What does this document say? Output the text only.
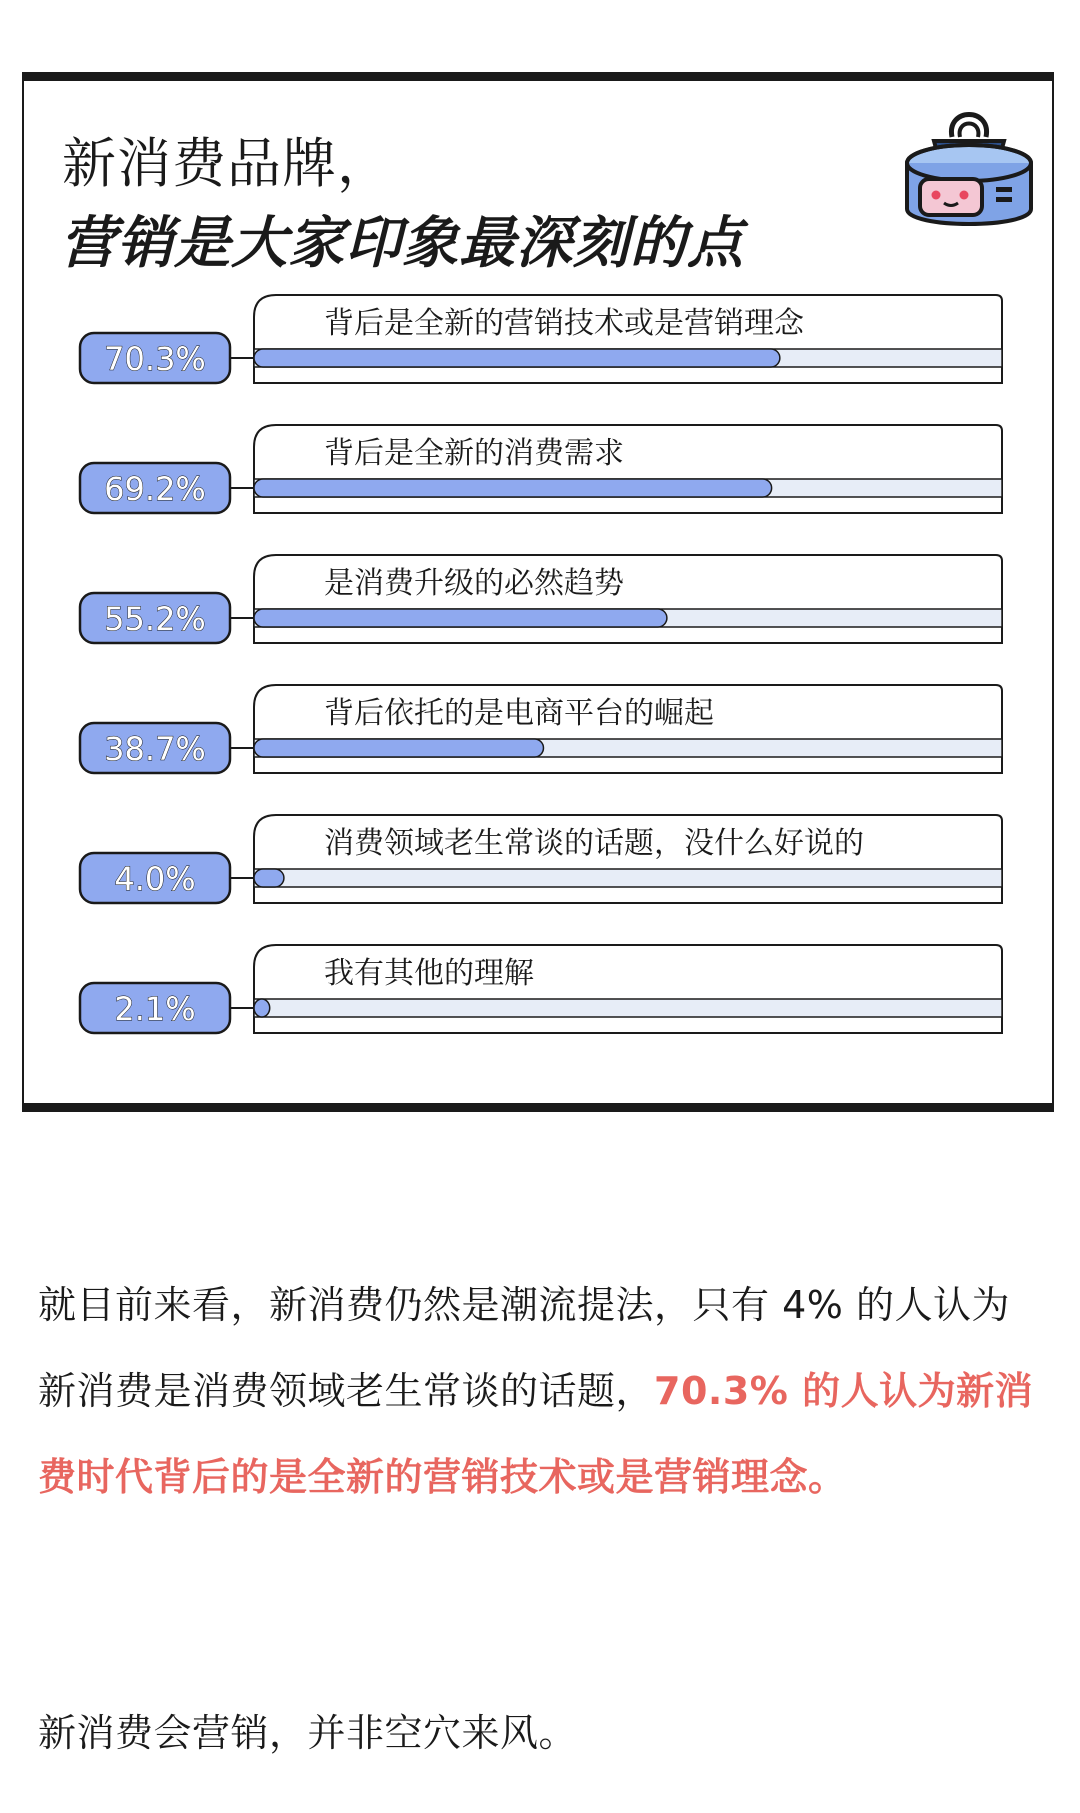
新消费品牌，
营销是大家印象最深刻的点
背后是全新的营销技术或是营销理念
70.3%
背后是全新的消费需求
69.2%
是消费升级的必然趋势
55.2%
背后依托的是电商平台的崛起
38.7%
消费领域老生常谈的话题，没什么好说的
4.0%
我有其他的理解
2.1%
就目前来看，新消费仍然是潮流提法，只有 4% 的人认为新消费是消费领域老生常谈的话题，70.3% 的人认为新消费时代背后的是全新的营销技术或是营销理念。
新消费会营销，并非空穴来风。
